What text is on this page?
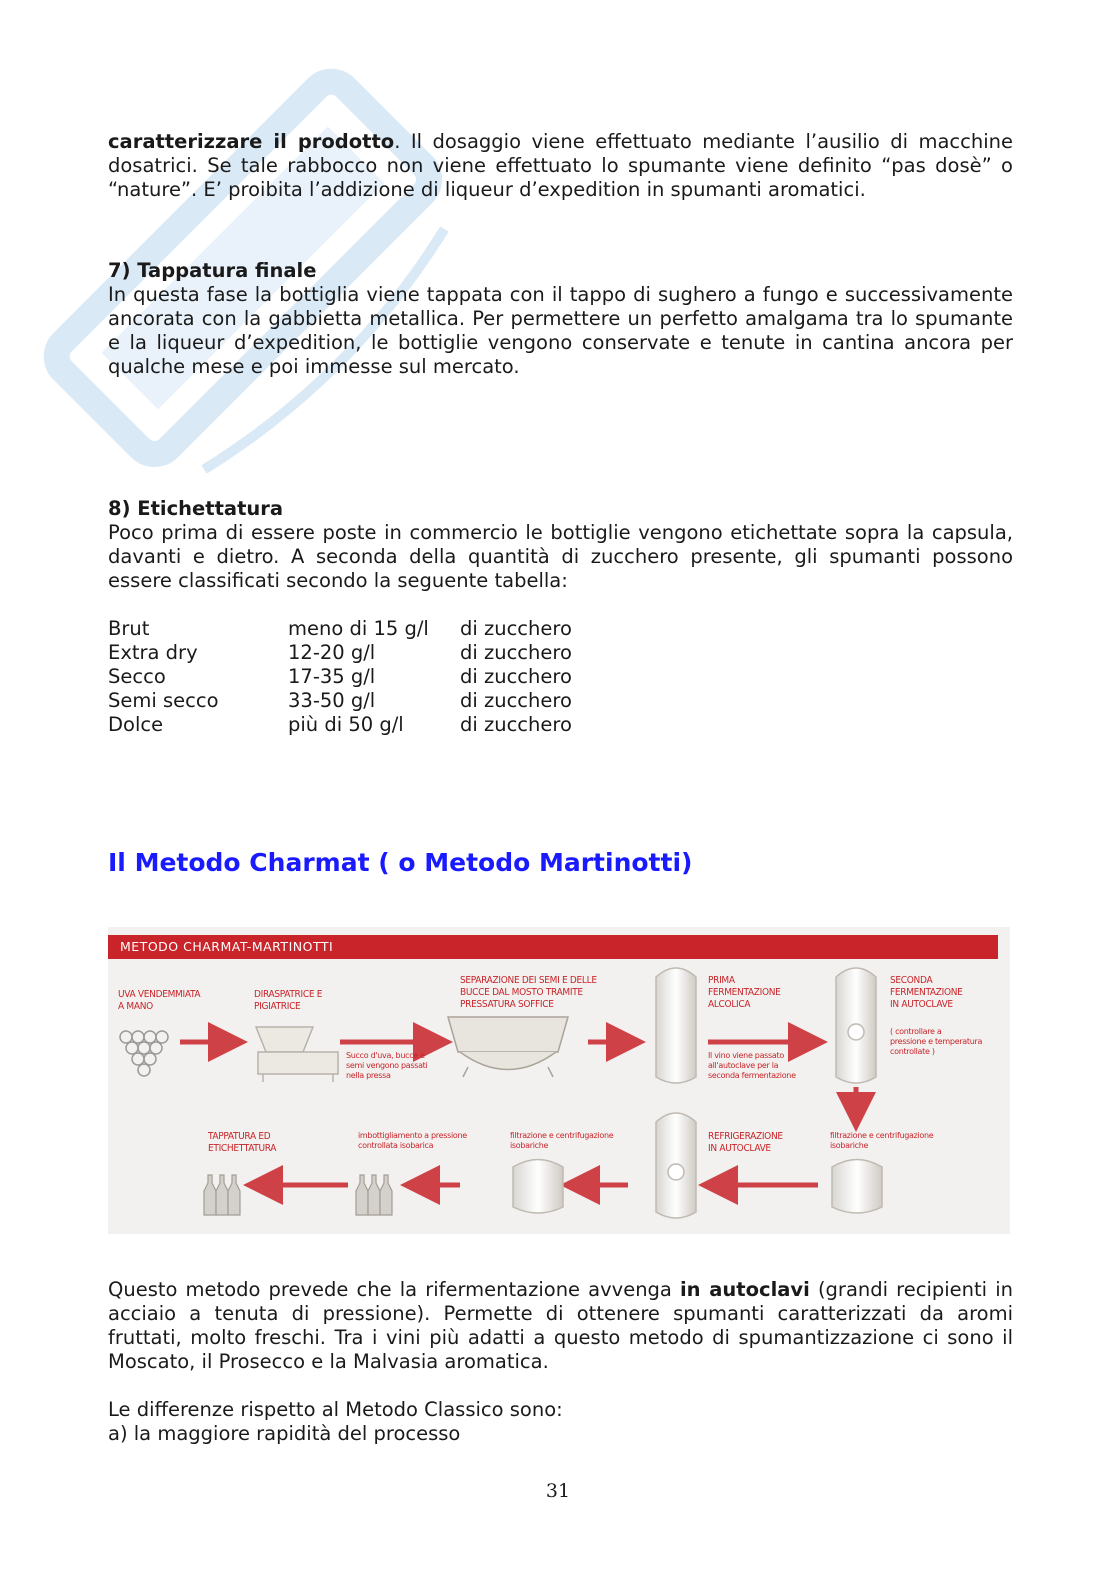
caratterizzare il prodotto. Il dosaggio viene effettuato mediante l’ausilio di macchine dosatrici. Se tale rabbocco non viene effettuato lo spumante viene definito “pas dosè” o “nature”. E’ proibita l’addizione di liqueur d’expedition in spumanti aromatici.

7) Tappatura finale

In questa fase la bottiglia viene tappata con il tappo di sughero a fungo e successivamente ancorata con la gabbietta metallica. Per permettere un perfetto amalgama tra lo spumante e la liqueur d’expedition, le bottiglie vengono conservate e tenute in cantina ancora per qualche mese e poi immesse sul mercato.

8) Etichettatura

Poco prima di essere poste in commercio le bottiglie vengono etichettate sopra la capsula, davanti e dietro. A seconda della quantità di zucchero presente, gli spumanti possono essere classificati secondo la seguente tabella:

Brut	meno di 15 g/l	di zucchero
Extra dry	12-20 g/l	di zucchero
Secco	17-35 g/l	di zucchero
Semi secco	33-50 g/l	di zucchero
Dolce	più di 50 g/l	di zucchero

Il Metodo Charmat ( o Metodo Martinotti)

METODO CHARMAT-MARTINOTTI
UVA VENDEMMIATA
A MANO
DIRASPATRICE E
PIGIATRICE
Succo d'uva, bucce e
semi vengono passati
nella pressa
SEPARAZIONE DEI SEMI E DELLE
BUCCE DAL MOSTO TRAMITE
PRESSATURA SOFFICE
PRIMA
FERMENTAZIONE
ALCOLICA
Il vino viene passato
all'autoclave per la
seconda fermentazione
SECONDA
FERMENTAZIONE
IN AUTOCLAVE
( controllare a
pressione e temperatura
controllate )
filtrazione e centrifugazione
isobariche
REFRIGERAZIONE
IN AUTOCLAVE
filtrazione e centrifugazione
isobariche
imbottigliamento a pressione
controllata isobarica
TAPPATURA ED
ETICHETTATURA

Questo metodo prevede che la rifermentazione avvenga in autoclavi (grandi recipienti in acciaio a tenuta di pressione). Permette di ottenere spumanti caratterizzati da aromi fruttati, molto freschi. Tra i vini più adatti a questo metodo di spumantizzazione ci sono il Moscato, il Prosecco e la Malvasia aromatica.

Le differenze rispetto al Metodo Classico sono:

a) la maggiore rapidità del processo

31
